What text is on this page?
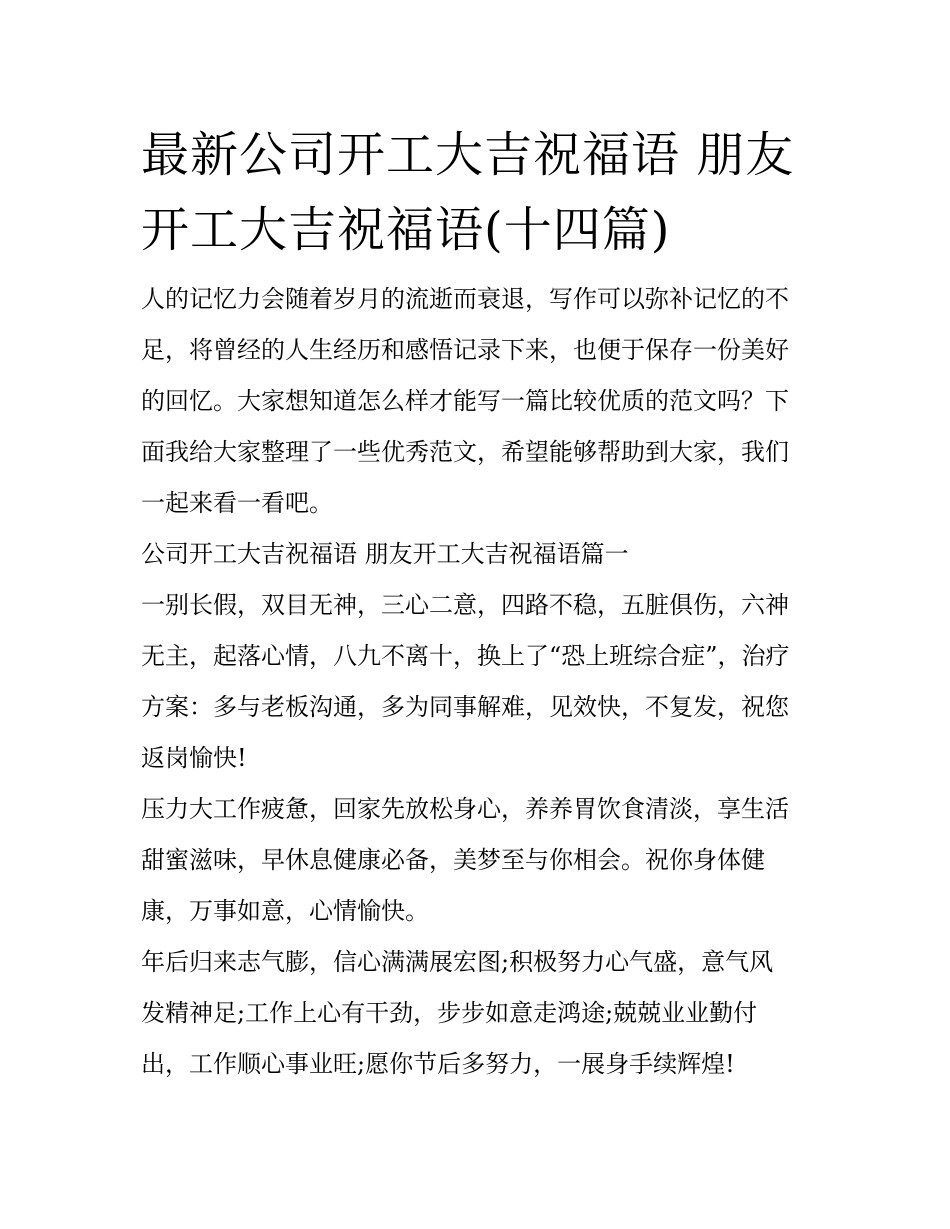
最新公司开工大吉祝福语 朋友
开工大吉祝福语(十四篇)

人的记忆力会随着岁月的流逝而衰退，写作可以弥补记忆的不

足，将曾经的人生经历和感悟记录下来，也便于保存一份美好

的回忆。大家想知道怎么样才能写一篇比较优质的范文吗？下

面我给大家整理了一些优秀范文，希望能够帮助到大家，我们

一起来看一看吧。

公司开工大吉祝福语 朋友开工大吉祝福语篇一

一别长假，双目无神，三心二意，四路不稳，五脏俱伤，六神

无主，起落心情，八九不离十，换上了“恐上班综合症”，治疗

方案：多与老板沟通，多为同事解难，见效快，不复发，祝您

返岗愉快!

压力大工作疲惫，回家先放松身心，养养胃饮食清淡，享生活

甜蜜滋味，早休息健康必备，美梦至与你相会。祝你身体健

康，万事如意，心情愉快。

年后归来志气膨，信心满满展宏图;积极努力心气盛，意气风

发精神足;工作上心有干劲，步步如意走鸿途;兢兢业业勤付

出，工作顺心事业旺;愿你节后多努力，一展身手续辉煌!
